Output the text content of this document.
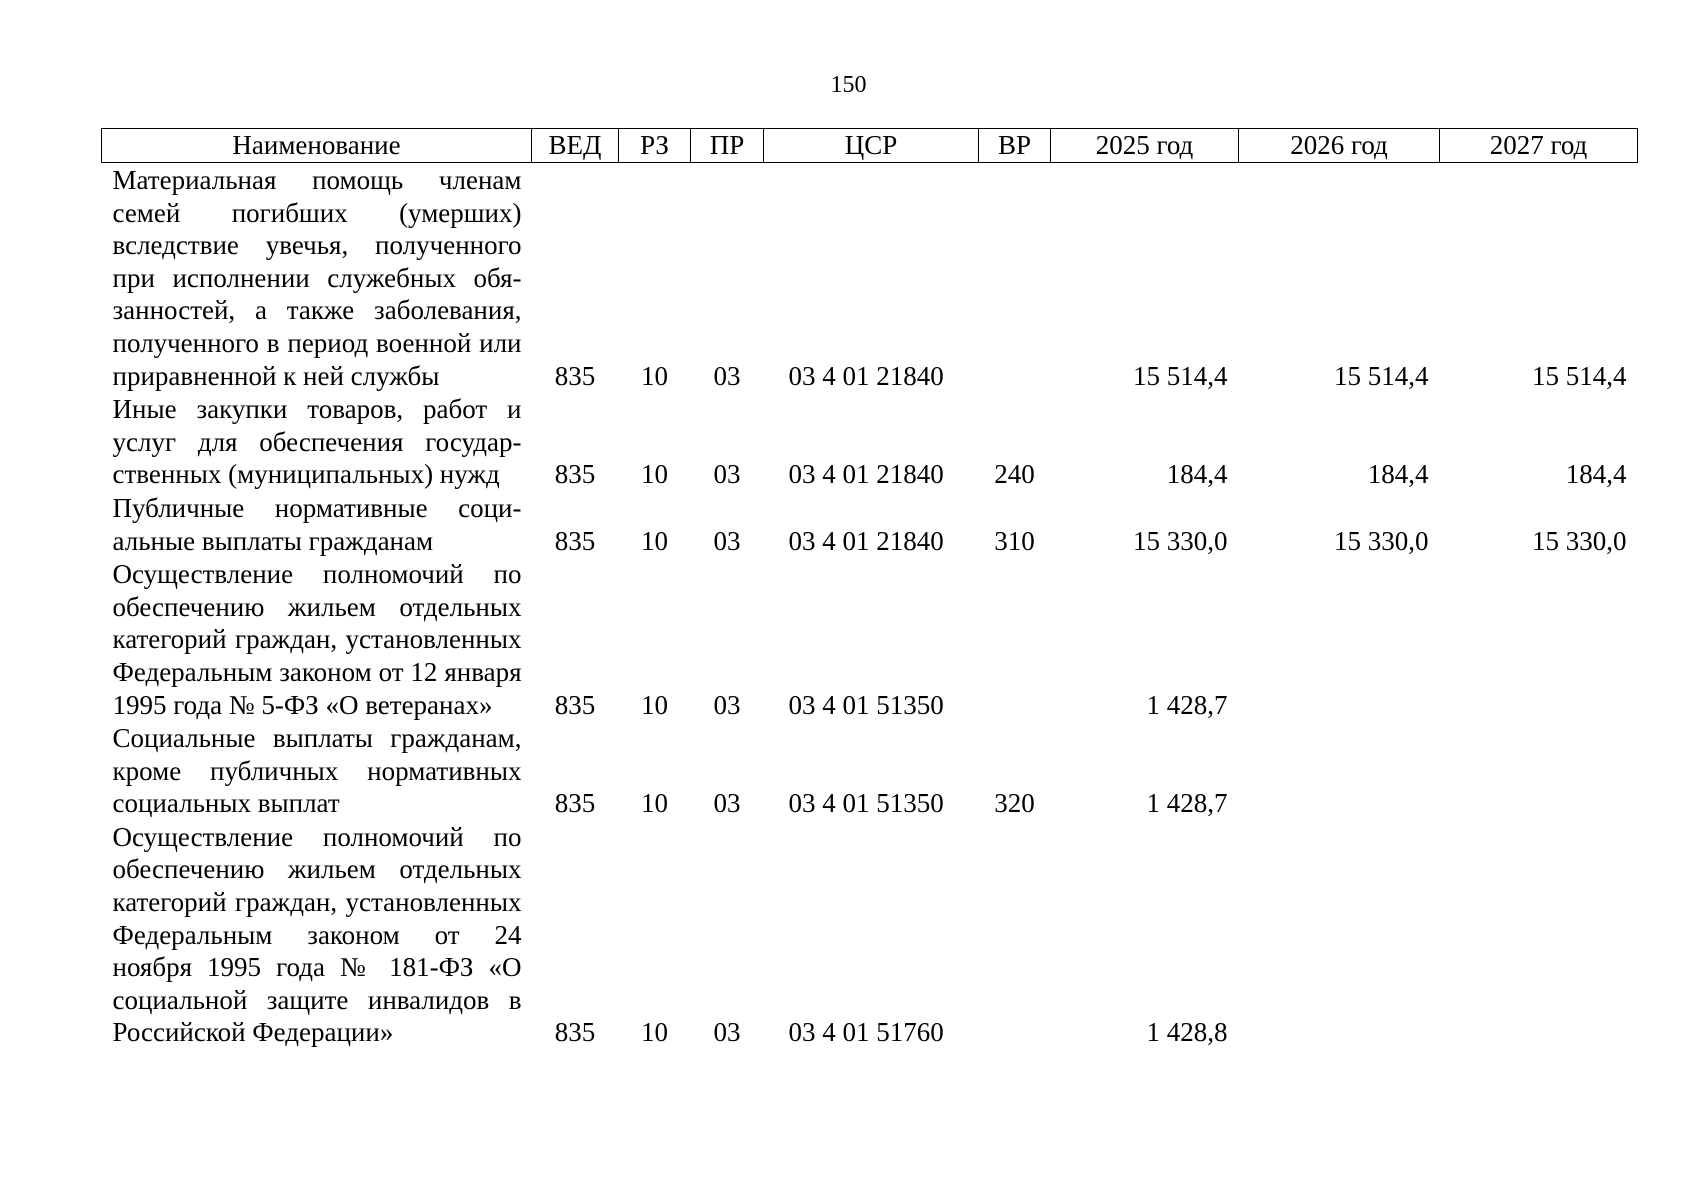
150
Наименование	ВЕД	РЗ	ПР	ЦСР	ВР	2025 год	2026 год	2027 год
Материальная помощь членам семей погибших (умерших) вследствие увечья, полученного при исполнении служебных обязанностей, а также заболевания, полученного в период военной или приравненной к ней службы	835	10	03	03 4 01 21840		15 514,4	15 514,4	15 514,4
Иные закупки товаров, работ и услуг для обеспечения государственных (муниципальных) нужд	835	10	03	03 4 01 21840	240	184,4	184,4	184,4
Публичные нормативные социальные выплаты гражданам	835	10	03	03 4 01 21840	310	15 330,0	15 330,0	15 330,0
Осуществление полномочий по обеспечению жильем отдельных категорий граждан, установленных Федеральным законом от 12 января 1995 года № 5-ФЗ «О ветеранах»	835	10	03	03 4 01 51350		1 428,7		
Социальные выплаты гражданам, кроме публичных нормативных социальных выплат	835	10	03	03 4 01 51350	320	1 428,7		
Осуществление полномочий по обеспечению жильем отдельных категорий граждан, установленных Федеральным законом от 24 ноября 1995 года № 181-ФЗ «О социальной защите инвалидов в Российской Федерации»	835	10	03	03 4 01 51760		1 428,8		
